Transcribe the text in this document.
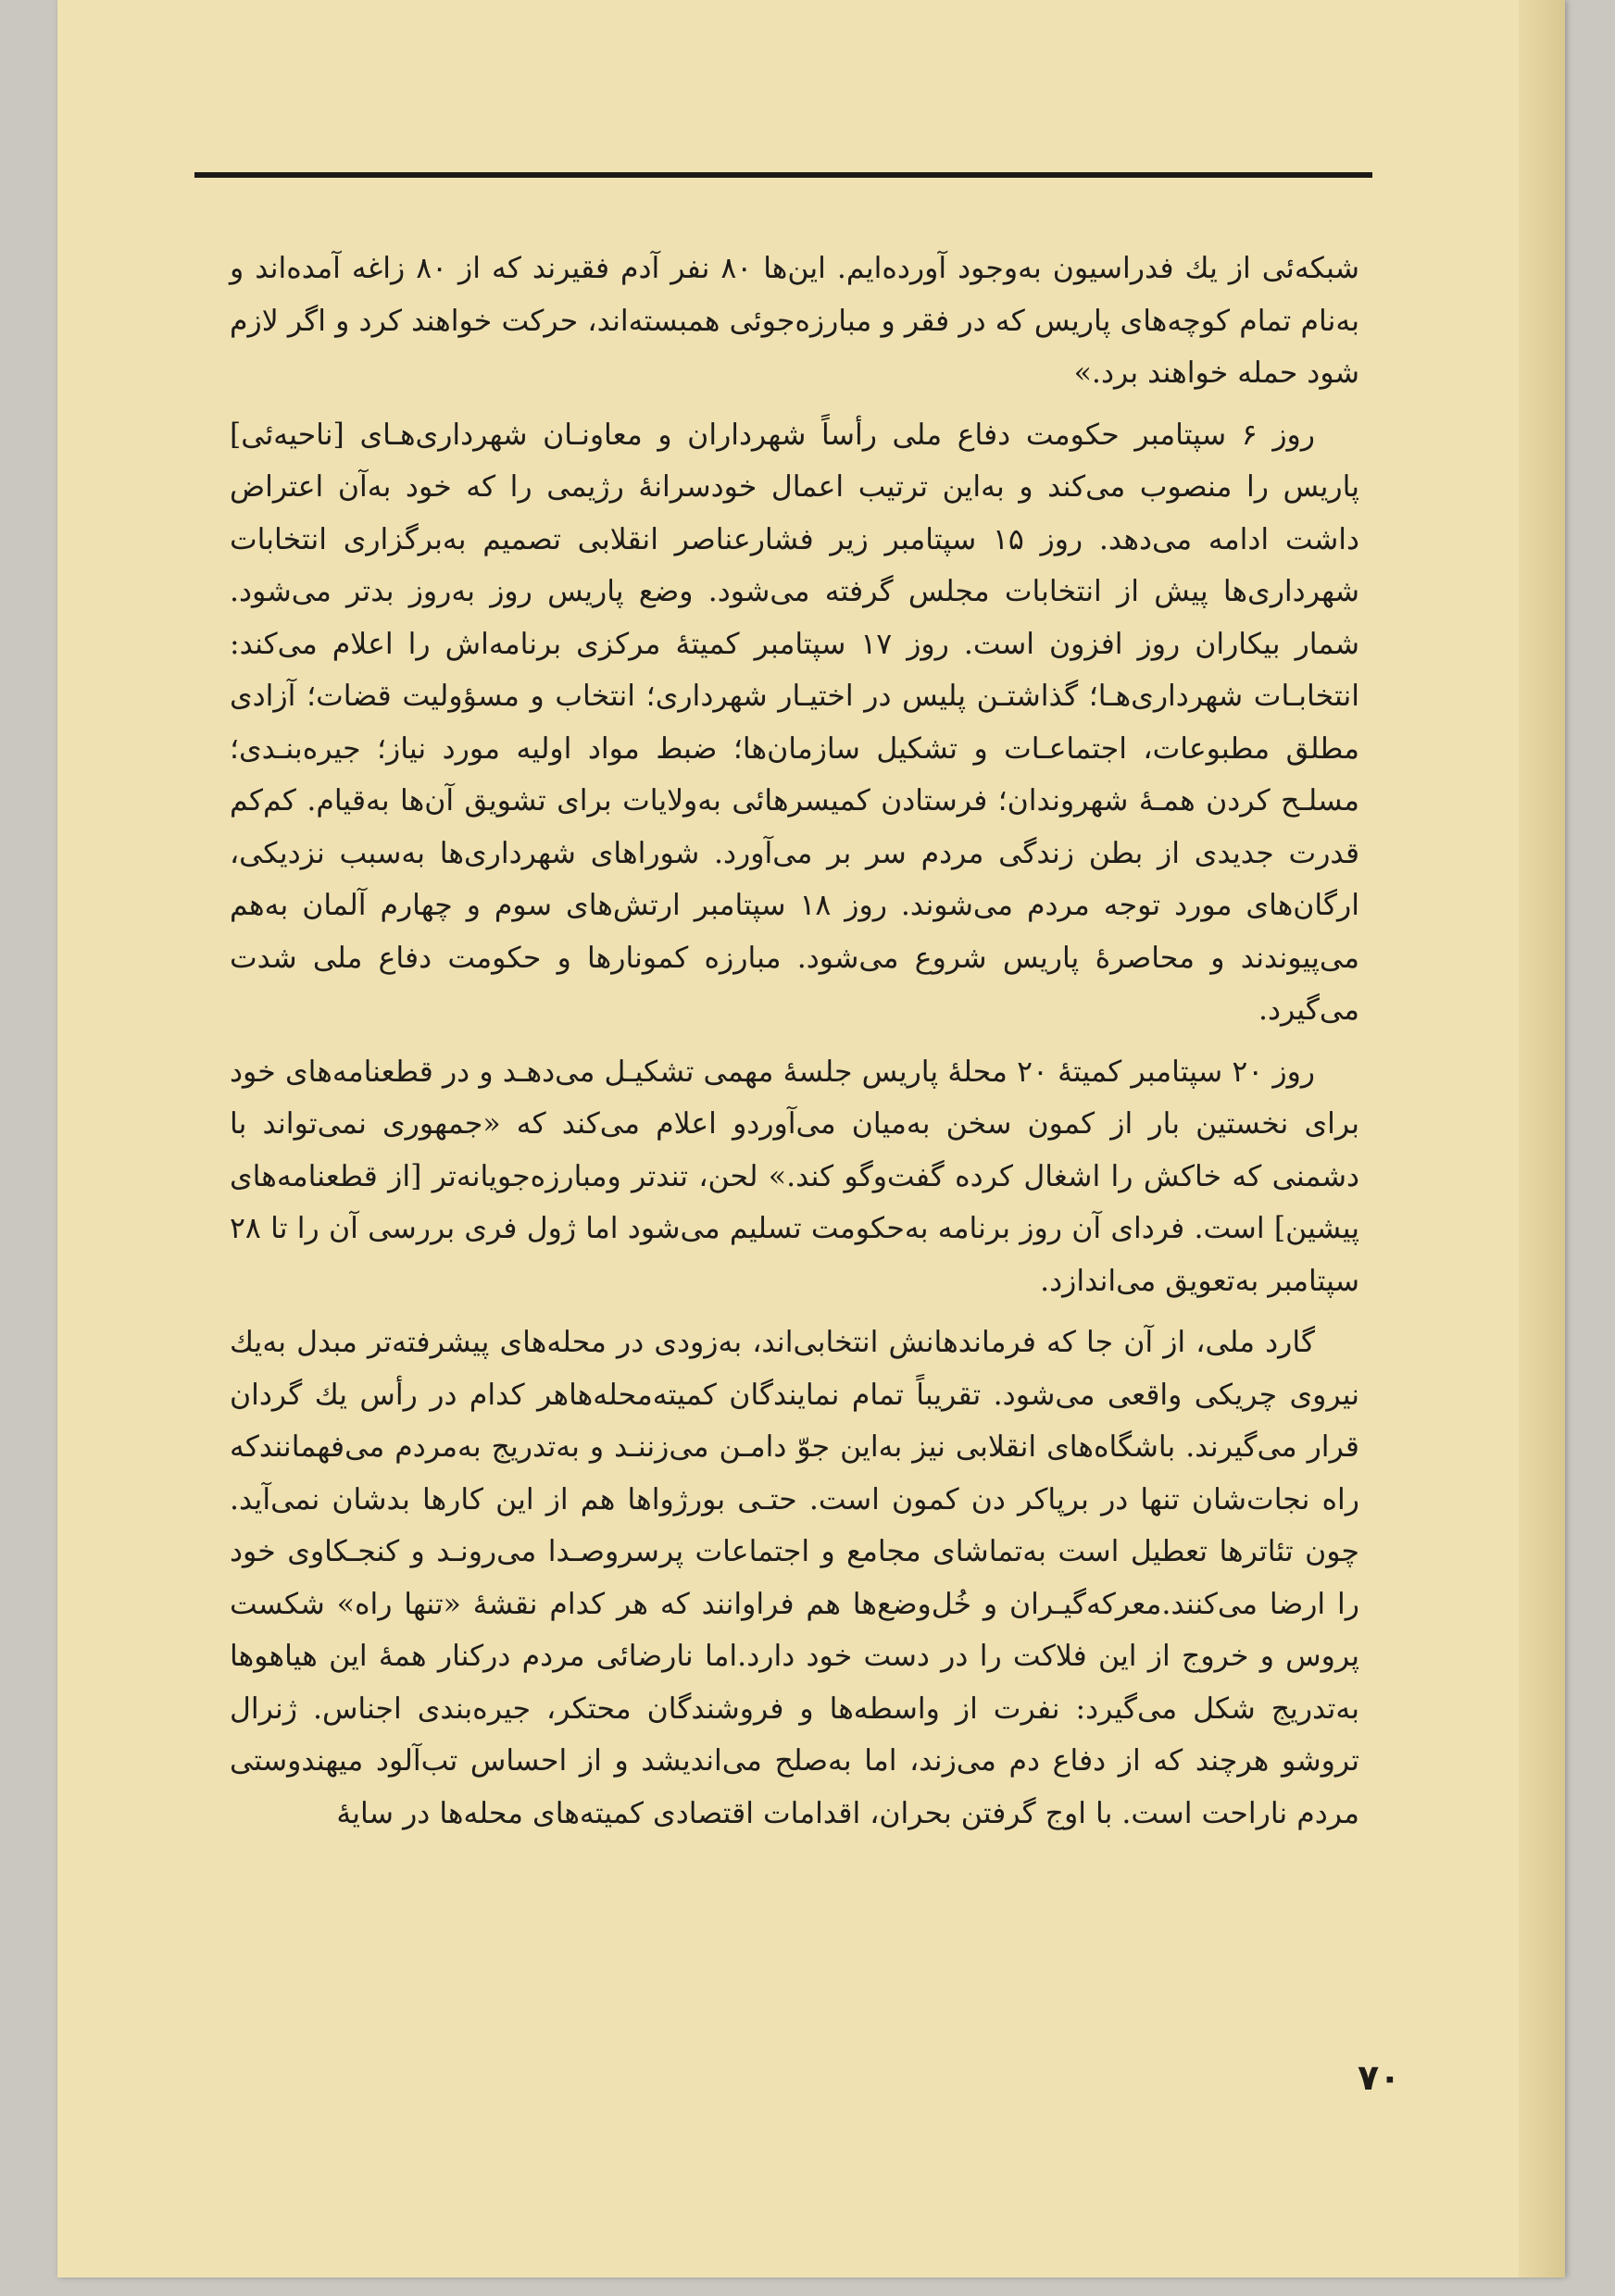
شبکه‌ئی از یك فدراسیون به‌وجود آورده‌ایم. این‌ها ۸۰ نفر آدم فقیرند که از ۸۰ زاغه آمده‌اند و به‌نام تمام کوچه‌های پاریس که در فقر و مبارزه‌جوئی همبسته‌اند، حرکت خواهند کرد و اگر لازم شود حمله خواهند برد.»

روز ۶ سپتامبر حکومت دفاع ملی رأساً شهرداران و معاونـان شهرداری‌هـای [ناحیه‌ئی] پاریس را منصوب می‌کند و به‌این ترتیب اعمال خودسرانهٔ رژیمی را که خود به‌آن اعتراض داشت ادامه می‌دهد. روز ۱۵ سپتامبر زیر فشارعناصر انقلابی تصمیم به‌برگزاری انتخابات شهرداری‌ها پیش از انتخابات مجلس گرفته می‌شود. وضع پاریس روز به‌روز بدتر می‌شود. شمار بیکاران روز افزون است. روز ۱۷ سپتامبر کمیتهٔ مرکزی برنامه‌اش را اعلام می‌کند: انتخابـات شهرداری‌هـا؛ گذاشتـن پلیس در اختیـار شهرداری؛ انتخاب و مسؤولیت قضات؛ آزادی مطلق مطبوعات، اجتماعـات و تشکیل سازمان‌ها؛ ضبط مواد اولیه مورد نیاز؛ جیره‌بنـدی؛ مسلـح کردن همـهٔ شهروندان؛ فرستادن کمیسرهائی به‌ولایات برای تشویق آن‌ها به‌قیام. کم‌کم قدرت جدیدی از بطن زندگی مردم سر بر می‌آورد. شوراهای شهرداری‌ها به‌سبب نزدیکی، ارگان‌های مورد توجه مردم می‌شوند. روز ۱۸ سپتامبر ارتش‌های سوم و چهارم آلمان به‌هم می‌پیوندند و محاصرهٔ پاریس شروع می‌شود. مبارزه کمونارها و حکومت دفاع ملی شدت می‌گیرد.

روز ۲۰ سپتامبر کمیتهٔ ۲۰ محلهٔ پاریس جلسهٔ مهمی تشکیـل می‌دهـد و در قطعنامه‌های خود برای نخستین بار از کمون سخن به‌میان می‌آوردو اعلام می‌کند که «جمهوری نمی‌تواند با دشمنی که خاکش را اشغال کرده گفت‌وگو کند.» لحن، تندتر ومبارزه‌جویانه‌تر [از قطعنامه‌های پیشین] است. فردای آن روز برنامه به‌حکومت تسلیم می‌شود اما ژول فری بررسی آن را تا ۲۸ سپتامبر به‌تعویق می‌اندازد.

گارد ملی، از آن جا که فرماندهانش انتخابی‌اند، به‌زودی در محله‌های پیشرفته‌تر مبدل به‌یك نیروی چریکی واقعی می‌شود. تقریباً تمام نمایندگان کمیته‌محله‌هاهر کدام در رأس یك گردان قرار می‌گیرند. باشگاه‌های انقلابی نیز به‌این جوّ دامـن می‌زننـد و به‌تدریج به‌مردم می‌فهمانندکه راه نجات‌شان تنها در برپاکر دن کمون است. حتـی بورژواها هم از این کارها بدشان نمی‌آید. چون تئاترها تعطیل است به‌تماشای مجامع و اجتماعات پرسروصـدا می‌رونـد و کنجـکاوی خود را ارضا می‌کنند.معرکه‌گیـران و خُل‌وضع‌ها هم فراوانند که هر کدام نقشهٔ «تنها راه» شکست پروس و خروج از این فلاکت را در دست خود دارد.اما نارضائی مردم درکنار همهٔ این هیاهوها به‌تدریج شکل می‌گیرد: نفرت از واسطه‌ها و فروشندگان محتکر، جیره‌بندی اجناس. ژنرال تروشو هرچند که از دفاع دم می‌زند، اما به‌صلح می‌اندیشد و از احساس تب‌آلود میهندوستی مردم ناراحت است. با اوج گرفتن بحران، اقدامات اقتصادی کمیته‌های محله‌ها در سایهٔ

۷۰
